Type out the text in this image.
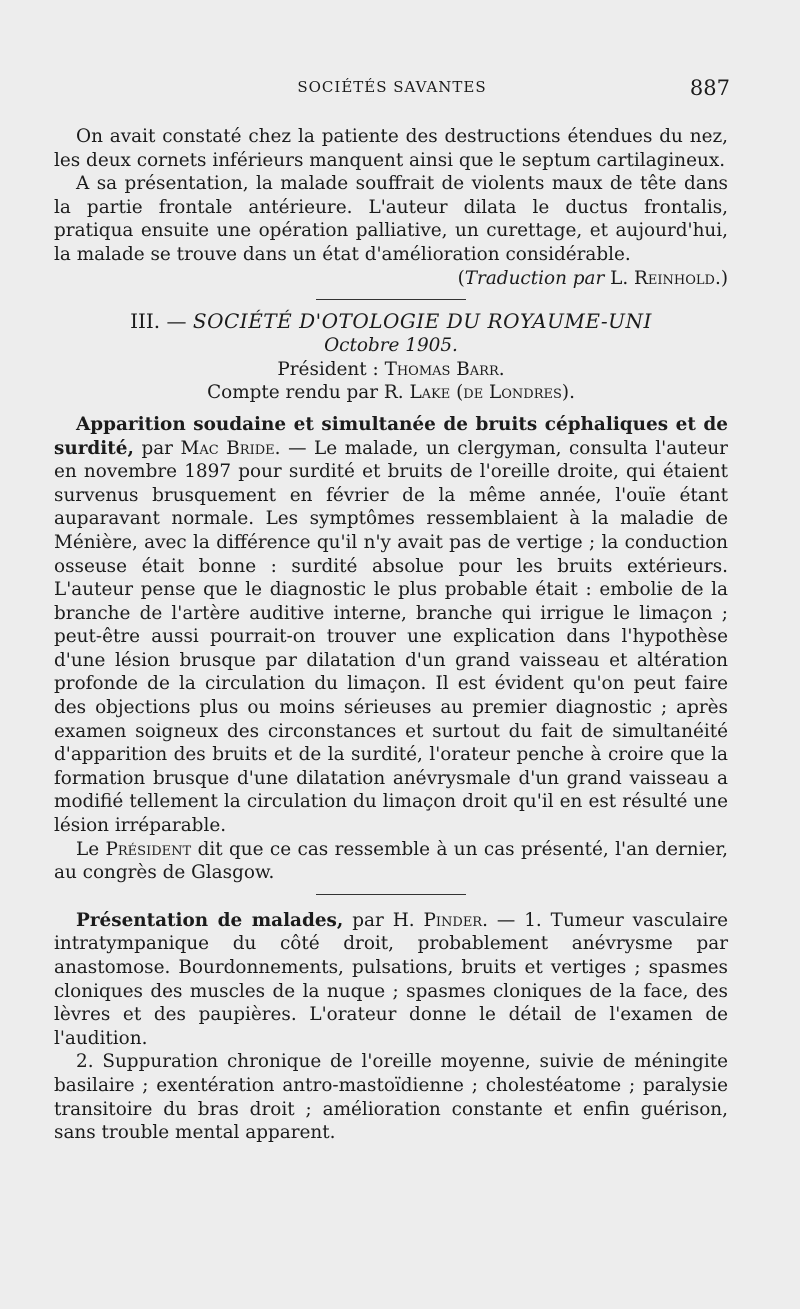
SOCIÉTÉS SAVANTES	887

On avait constaté chez la patiente des destructions étendues du nez, les deux cornets inférieurs manquent ainsi que le septum cartilagineux.

A sa présentation, la malade souffrait de violents maux de tête dans la partie frontale antérieure. L'auteur dilata le ductus frontalis, pratiqua ensuite une opération palliative, un curettage, et aujourd'hui, la malade se trouve dans un état d'amélioration considérable.

(Traduction par L. Reinhold.)

III. — SOCIÉTÉ D'OTOLOGIE DU ROYAUME-UNI
Octobre 1905.
Président : Thomas Barr.
Compte rendu par R. Lake (de Londres).

Apparition soudaine et simultanée de bruits céphaliques et de surdité, par Mac Bride. — Le malade, un clergyman, consulta l'auteur en novembre 1897 pour surdité et bruits de l'oreille droite, qui étaient survenus brusquement en février de la même année, l'ouïe étant auparavant normale. Les symptômes ressemblaient à la maladie de Ménière, avec la différence qu'il n'y avait pas de vertige ; la conduction osseuse était bonne : surdité absolue pour les bruits extérieurs. L'auteur pense que le diagnostic le plus probable était : embolie de la branche de l'artère auditive interne, branche qui irrigue le limaçon ; peut-être aussi pourrait-on trouver une explication dans l'hypothèse d'une lésion brusque par dilatation d'un grand vaisseau et altération profonde de la circulation du limaçon. Il est évident qu'on peut faire des objections plus ou moins sérieuses au premier diagnostic ; après examen soigneux des circonstances et surtout du fait de simultanéité d'apparition des bruits et de la surdité, l'orateur penche à croire que la formation brusque d'une dilatation anévrysmale d'un grand vaisseau a modifié tellement la circulation du limaçon droit qu'il en est résulté une lésion irréparable.

Le Président dit que ce cas ressemble à un cas présenté, l'an dernier, au congrès de Glasgow.

Présentation de malades, par H. Pinder. — 1. Tumeur vasculaire intratympanique du côté droit, probablement anévrysme par anastomose. Bourdonnements, pulsations, bruits et vertiges ; spasmes cloniques des muscles de la nuque ; spasmes cloniques de la face, des lèvres et des paupières. L'orateur donne le détail de l'examen de l'audition.

2. Suppuration chronique de l'oreille moyenne, suivie de méningite basilaire ; exentération antro-mastoïdienne ; cholestéatome ; paralysie transitoire du bras droit ; amélioration constante et enfin guérison, sans trouble mental apparent.
